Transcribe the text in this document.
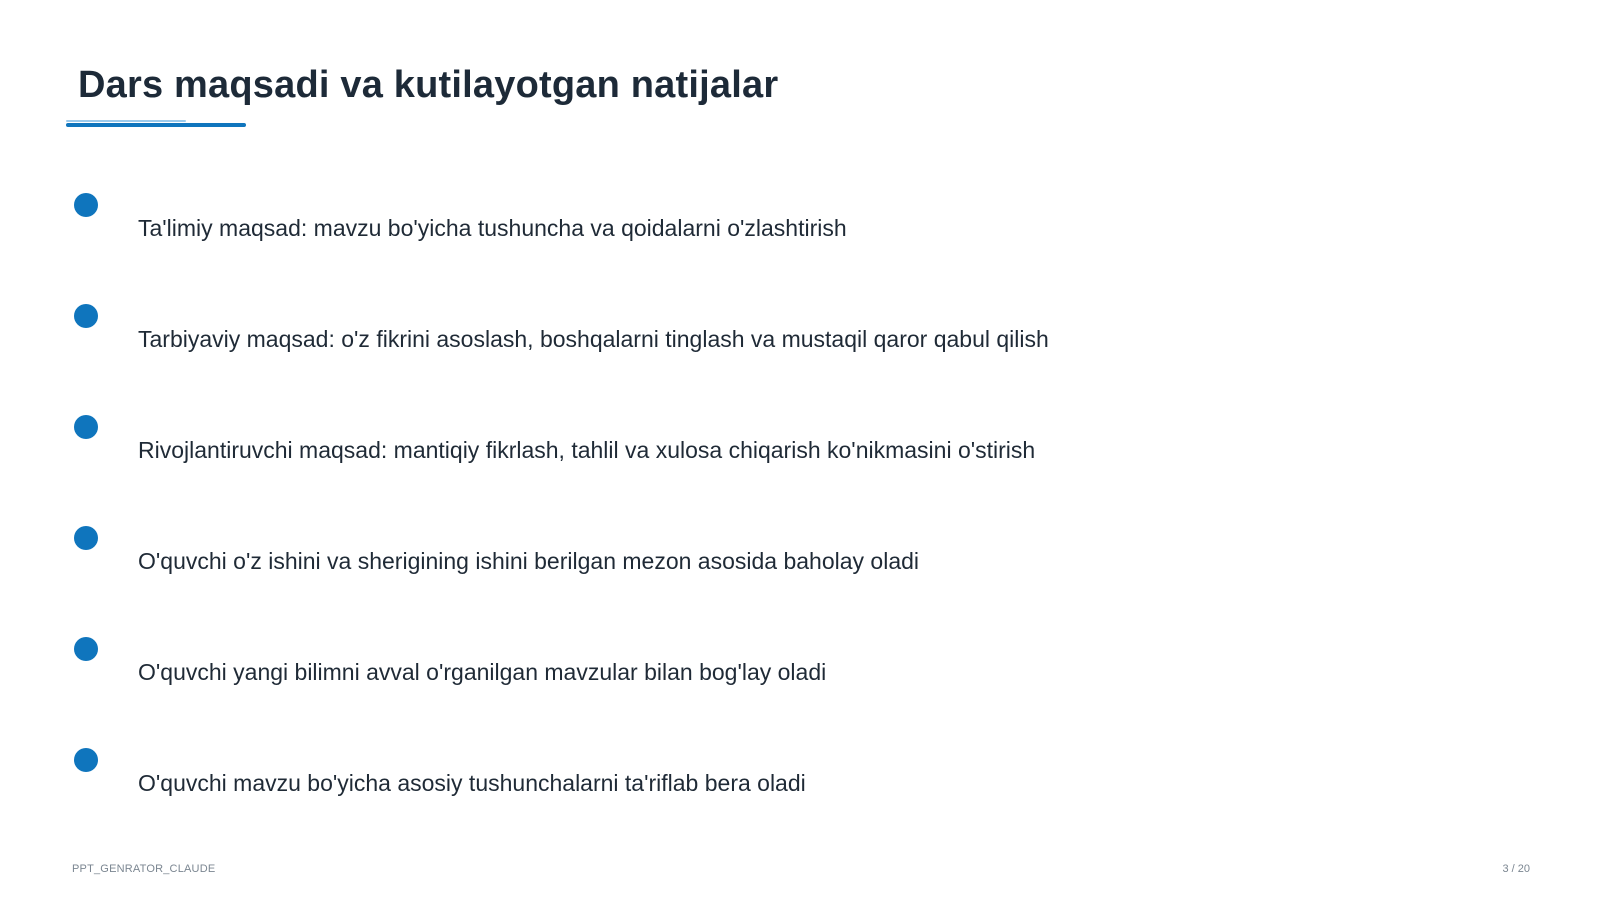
Dars maqsadi va kutilayotgan natijalar
Ta'limiy maqsad: mavzu bo'yicha tushuncha va qoidalarni o'zlashtirish
Tarbiyaviy maqsad: o'z fikrini asoslash, boshqalarni tinglash va mustaqil qaror qabul qilish
Rivojlantiruvchi maqsad: mantiqiy fikrlash, tahlil va xulosa chiqarish ko'nikmasini o'stirish
O'quvchi o'z ishini va sherigining ishini berilgan mezon asosida baholay oladi
O'quvchi yangi bilimni avval o'rganilgan mavzular bilan bog'lay oladi
O'quvchi mavzu bo'yicha asosiy tushunchalarni ta'riflab bera oladi
PPT_GENRATOR_CLAUDE	3 / 20
